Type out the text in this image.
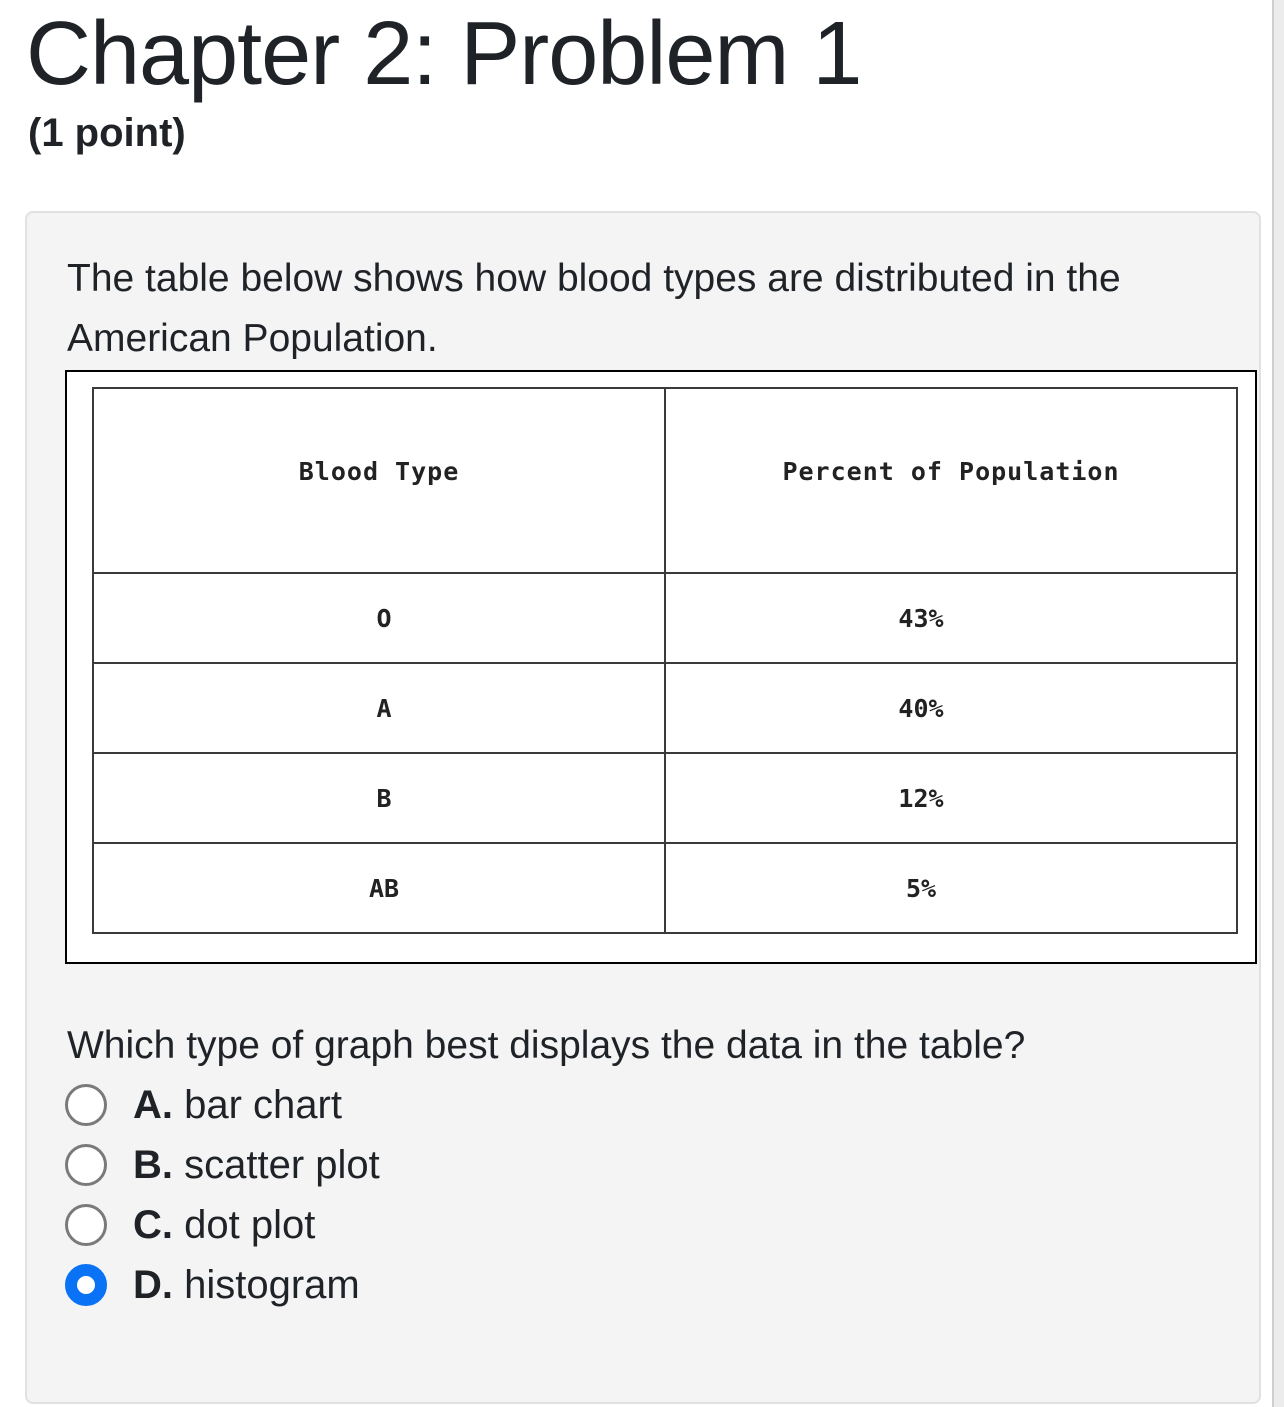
Chapter 2: Problem 1
(1 point)

The table below shows how blood types are distributed in the American Population.

Blood Type	Percent of Population
O	43%
A	40%
B	12%
AB	5%

Which type of graph best displays the data in the table?

A. bar chart
B. scatter plot
C. dot plot
D. histogram
